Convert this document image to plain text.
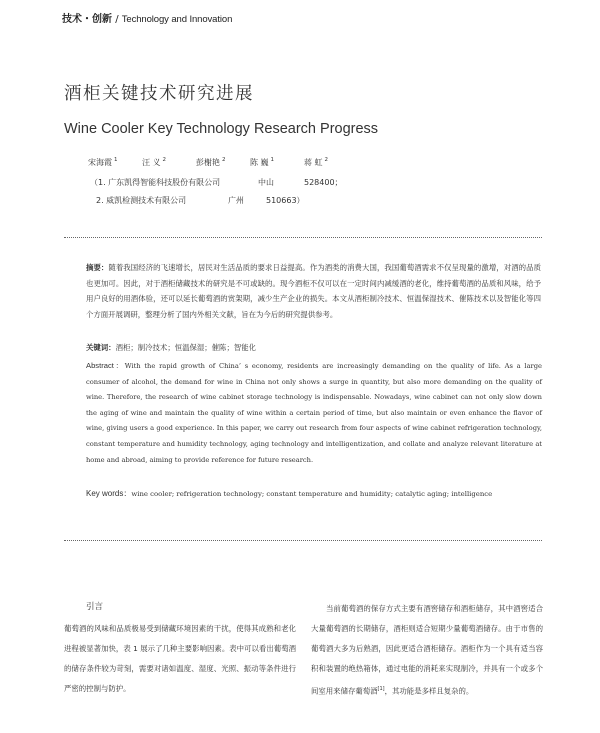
技术・创新 / Technology and Innovation
酒柜关键技术研究进展
Wine Cooler Key Technology Research Progress
宋海霞 $^1$	汪 义 $^2$	彭榭艳 $^2$	陈 巍 $^1$	蒋 虹 $^2$
（1. 广东凯得智能科技股份有限公司	中山	528400；
2. 威凯检测技术有限公司	广州	510663）
摘要：随着我国经济的飞速增长，居民对生活品质的要求日益提高。作为酒类的消费大国，我国葡萄酒需求不仅呈现量的激增，对酒的品质也更加可。因此，对于酒柜储藏技术的研究是不可或缺的。现今酒柜不仅可以在一定时间内减缓酒的老化，维持葡萄酒的品质和风味，给予用户良好的用酒体验，还可以延长葡萄酒的赏架期，减少生产企业的损失。本文从酒柜制冷技术、恒温保湿技术、催陈技术以及智能化等四个方面开展调研，整理分析了国内外相关文献，旨在为今后的研究提供参考。
关键词：酒柜；制冷技术；恒温保湿；催陈；智能化
Abstract：With the rapid growth of China’ s economy, residents are increasingly demanding on the quality of life. As a large consumer of alcohol, the demand for wine in China not only shows a surge in quantity, but also more demanding on the quality of wine. Therefore, the research of wine cabinet storage technology is indispensable. Nowadays, wine cabinet can not only slow down the aging of wine and maintain the quality of wine within a certain period of time, but also maintain or even enhance the flavor of wine, giving users a good experience. In this paper, we carry out research from four aspects of wine cabinet refrigeration technology, constant temperature and humidity technology, aging technology and intelligentization, and collate and analyze relevant literature at home and abroad, aiming to provide reference for future research.
Key words：wine cooler; refrigeration technology; constant temperature and humidity; catalytic aging; intelligence
引言
葡萄酒的风味和品质极易受到储藏环境因素的干扰，使得其成熟和老化进程被显著加快，表 1 展示了几种主要影响因素。表中可以看出葡萄酒的储存条件较为苛刻，需要对诸如温度、湿度、光照、振动等条件进行严密的控制与防护。
当前葡萄酒的保存方式主要有酒窖储存和酒柜储存，其中酒窖适合大量葡萄酒的长期储存，酒柜则适合短期少量葡萄酒储存。由于市售的葡萄酒大多为后熟酒，因此更适合酒柜储存。酒柜作为一个具有适当容积和装置的绝热箱体，通过电能的消耗来实现制冷，并具有一个或多个间室用来储存葡萄酒[1]，其功能是多样且复杂的。
